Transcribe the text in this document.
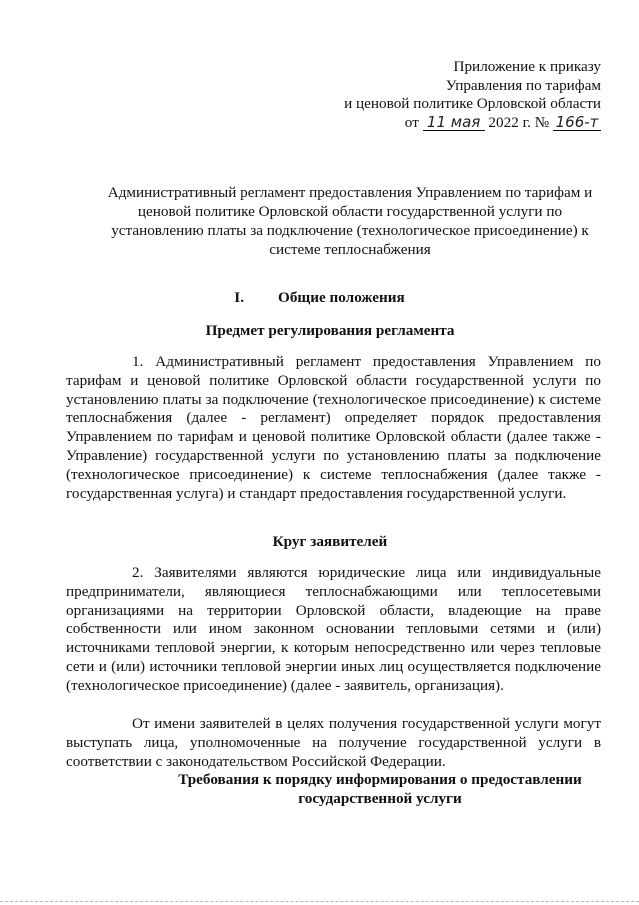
Приложение к приказу
Управления по тарифам
и ценовой политике Орловской области
от 11 мая 2022 г. № 166-т
Административный регламент предоставления Управлением по тарифам и ценовой политике Орловской области государственной услуги по установлению платы за подключение (технологическое присоединение) к системе теплоснабжения
I. Общие положения
Предмет регулирования регламента

1. Административный регламент предоставления Управлением по тарифам и ценовой политике Орловской области государственной услуги по установлению платы за подключение (технологическое присоединение) к системе теплоснабжения (далее - регламент) определяет порядок предоставления Управлением по тарифам и ценовой политике Орловской области (далее также - Управление) государственной услуги по установлению платы за подключение (технологическое присоединение) к системе теплоснабжения (далее также - государственная услуга) и стандарт предоставления государственной услуги.

Круг заявителей

2. Заявителями являются юридические лица или индивидуальные предприниматели, являющиеся теплоснабжающими или теплосетевыми организациями на территории Орловской области, владеющие на праве собственности или ином законном основании тепловыми сетями и (или) источниками тепловой энергии, к которым непосредственно или через тепловые сети и (или) источники тепловой энергии иных лиц осуществляется подключение (технологическое присоединение) (далее - заявитель, организация).

От имени заявителей в целях получения государственной услуги могут выступать лица, уполномоченные на получение государственной услуги в соответствии с законодательством Российской Федерации.

Требования к порядку информирования о предоставлении государственной услуги
